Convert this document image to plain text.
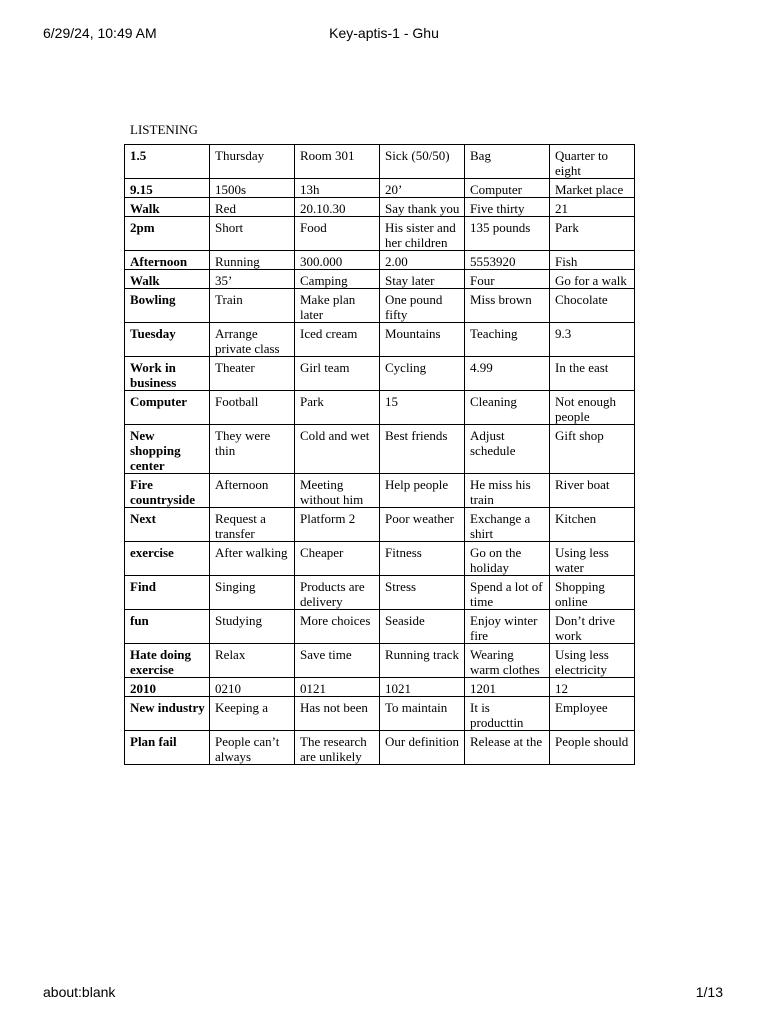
6/29/24, 10:49 AM	Key-aptis-1 - Ghu
LISTENING
1.5	Thursday	Room 301	Sick (50/50)	Bag	Quarter to eight
9.15	1500s	13h	20’	Computer	Market place
Walk	Red	20.10.30	Say thank you	Five thirty	21
2pm	Short	Food	His sister and her children	135 pounds	Park
Afternoon	Running	300.000	2.00	5553920	Fish
Walk	35’	Camping	Stay later	Four	Go for a walk
Bowling	Train	Make plan later	One pound fifty	Miss brown	Chocolate
Tuesday	Arrange private class	Iced cream	Mountains	Teaching	9.3
Work in business	Theater	Girl team	Cycling	4.99	In the east
Computer	Football	Park	15	Cleaning	Not enough people
New shopping center	They were thin	Cold and wet	Best friends	Adjust schedule	Gift shop
Fire countryside	Afternoon	Meeting without him	Help people	He miss his train	River boat
Next	Request a transfer	Platform 2	Poor weather	Exchange a shirt	Kitchen
exercise	After walking	Cheaper	Fitness	Go on the holiday	Using less water
Find	Singing	Products are delivery	Stress	Spend a lot of time	Shopping online
fun	Studying	More choices	Seaside	Enjoy winter fire	Don’t drive work
Hate doing exercise	Relax	Save time	Running track	Wearing warm clothes	Using less electricity
2010	0210	0121	1021	1201	12
New industry	Keeping a	Has not been	To maintain	It is producttin	Employee
Plan fail	People can’t always	The research are unlikely	Our definition	Release at the	People should
about:blank	1/13
